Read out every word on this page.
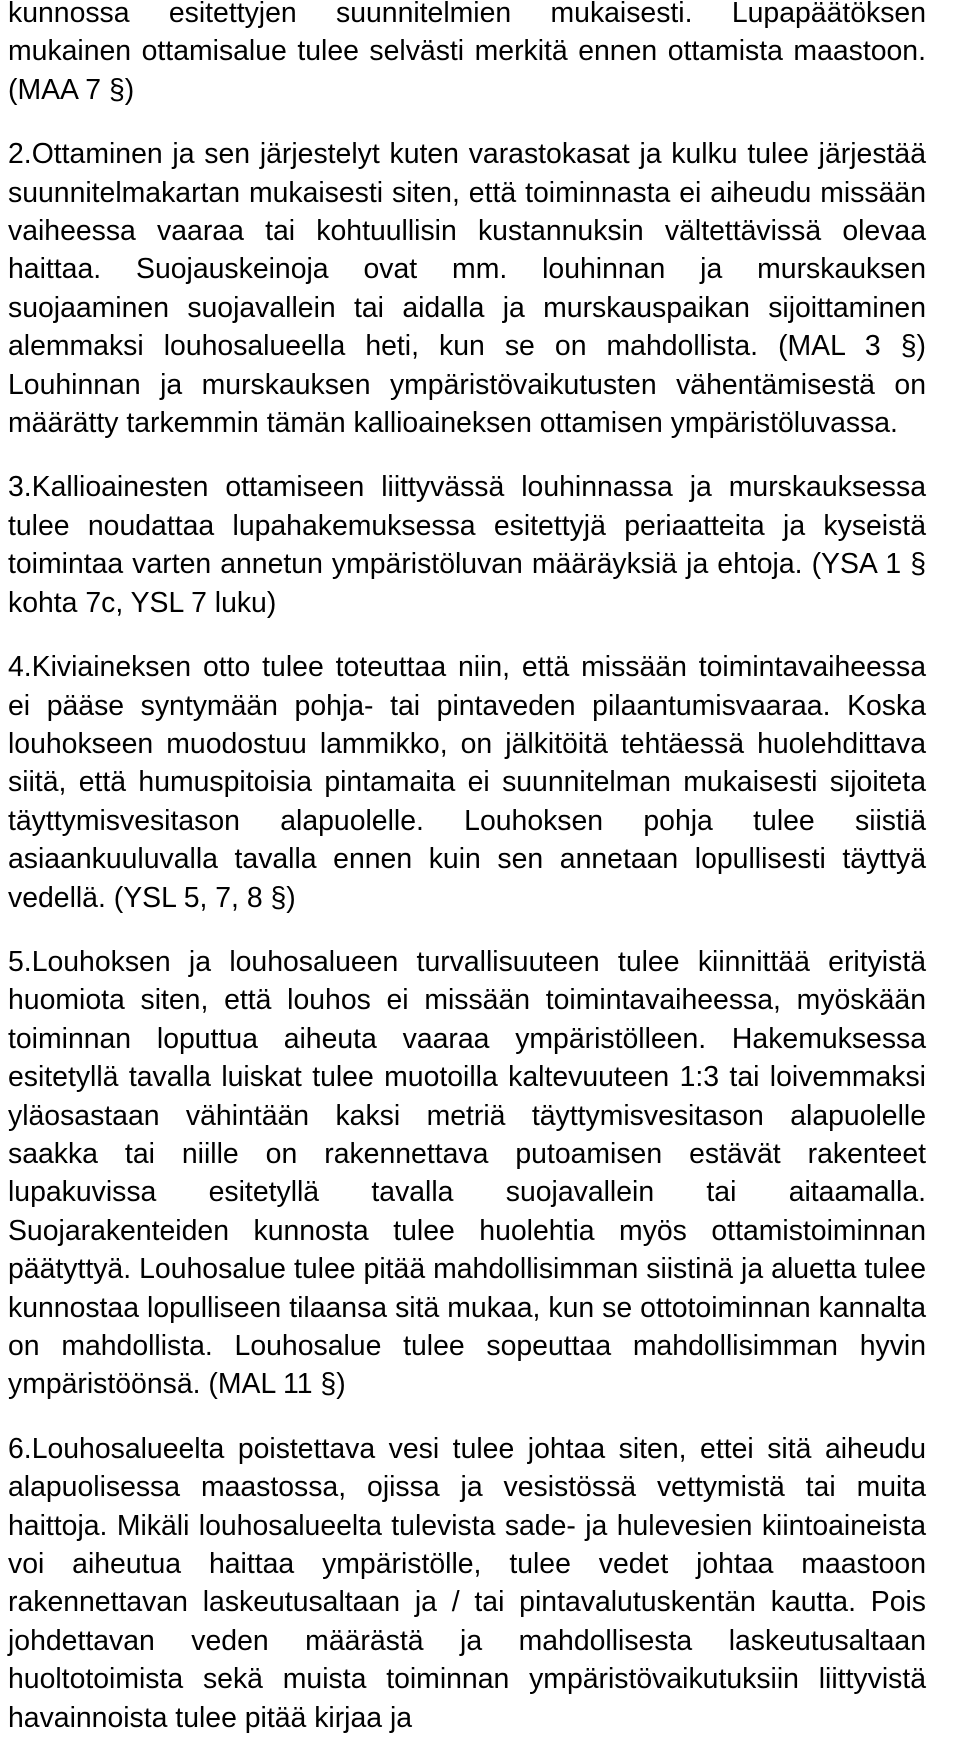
kunnossa esitettyjen suunnitelmien mukaisesti. Lupapäätöksen mukainen ottamisalue tulee selvästi merkitä ennen ottamista maastoon. (MAA 7 §)

2.Ottaminen ja sen järjestelyt kuten varastokasat ja kulku tulee järjestää suunnitelmakartan mukaisesti siten, että toiminnasta ei aiheudu missään vaiheessa vaaraa tai kohtuullisin kustannuksin vältettävissä olevaa haittaa. Suojauskeinoja ovat mm. louhinnan ja murskauksen suojaaminen suojavallein tai aidalla ja murskauspaikan sijoittaminen alemmaksi louhosalueella heti, kun se on mahdollista. (MAL 3 §) Louhinnan ja murskauksen ympäristövaikutusten vähentämisestä on määrätty tarkemmin tämän kallioaineksen ottamisen ympäristöluvassa.

3.Kallioainesten ottamiseen liittyvässä louhinnassa ja murskauksessa tulee noudattaa lupahakemuksessa esitettyjä periaatteita ja kyseistä toimintaa varten annetun ympäristöluvan määräyksiä ja ehtoja. (YSA 1 § kohta 7c, YSL 7 luku)

4.Kiviaineksen otto tulee toteuttaa niin, että missään toimintavaiheessa ei pääse syntymään pohja- tai pintaveden pilaantumisvaaraa. Koska louhokseen muodostuu lammikko, on jälkitöitä tehtäessä huolehdittava siitä, että humuspitoisia pintamaita ei suunnitelman mukaisesti sijoiteta täyttymisvesitason alapuolelle. Louhoksen pohja tulee siistiä asiaankuuluvalla tavalla ennen kuin sen annetaan lopullisesti täyttyä vedellä. (YSL 5, 7, 8 §)

5.Louhoksen ja louhosalueen turvallisuuteen tulee kiinnittää erityistä huomiota siten, että louhos ei missään toimintavaiheessa, myöskään toiminnan loputtua aiheuta vaaraa ympäristölleen. Hakemuksessa esitetyllä tavalla luiskat tulee muotoilla kaltevuuteen 1:3 tai loivemmaksi yläosastaan vähintään kaksi metriä täyttymisvesitason alapuolelle saakka tai niille on rakennettava putoamisen estävät rakenteet lupakuvissa esitetyllä tavalla suojavallein tai aitaamalla. Suojarakenteiden kunnosta tulee huolehtia myös ottamistoiminnan päätyttyä. Louhosalue tulee pitää mahdollisimman siistinä ja aluetta tulee kunnostaa lopulliseen tilaansa sitä mukaa, kun se ottotoiminnan kannalta on mahdollista. Louhosalue tulee sopeuttaa mahdollisimman hyvin ympäristöönsä. (MAL 11 §)

6.Louhosalueelta poistettava vesi tulee johtaa siten, ettei sitä aiheudu alapuolisessa maastossa, ojissa ja vesistössä vettymistä tai muita haittoja. Mikäli louhosalueelta tulevista sade- ja hulevesien kiintoaineista voi aiheutua haittaa ympäristölle, tulee vedet johtaa maastoon rakennettavan laskeutusaltaan ja / tai pintavalutuskentän kautta. Pois johdettavan veden määrästä ja mahdollisesta laskeutusaltaan huoltotoimista sekä muista toiminnan ympäristövaikutuksiin liittyvistä havainnoista tulee pitää kirjaa ja
